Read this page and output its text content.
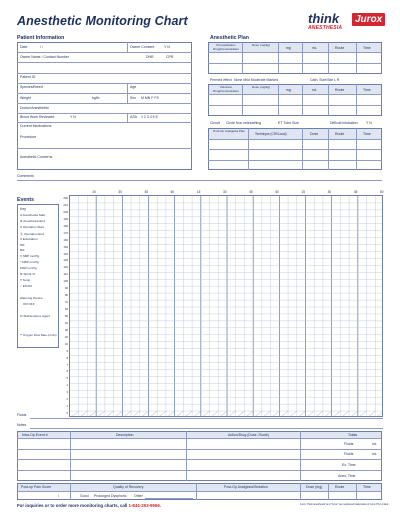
Anesthetic Monitoring Chart	think
ANESTHESIA
Jurox
Patient Information
Date	/ /	Owner Consent	Y N
Owner Name / Contact Number	DNR	CPR
Patient ID
Species/Breed	Age
Weight	kg/lb	Sex M MN F FS
Doctor/Anesthetist
Blood Work Reviewed	Y N	ASA 1 2 3 4 5 E
Current Medications
Procedure
Anesthetic Concerns
Anesthetic Plan
Premedication Drug/Concentration
Dose (mg/kg)
mg	mL	Route	Time
Premed effect None Mild Moderate Marked	Cath. Size/Site L R
Induction Drug/Concentration
Dose (mg/kg)
mg	mL	Route	Time
Circuit Circle Non-rebreathing	ET Tube Size	Difficult intubation Y N
Post-Op Analgesia Plan
Technique (CRI/Local)	Dose	Route	Time
Comments
Events
Key
A Anesthesia Start
⊗ Anesthesia End
S Operation Start
Ⓢ Operation End
X Extubation
HR
RR
V SBP mmHg
^ DBP mmHg
MAP mmHg
⊗ SpO2 %
T Temp
○ EtCO2
Warming Device
ON OFF
% Maintenance Agent
** Oxygen Flow Rate (L/min)
15	30	45	60	15	30	45	60	15	30	45	60
220
210
200
190
180
170
160
150
140
130
120
110
100
90
80
70
60
50
40
30
20
10
9
8
7
6
5
4
3
2
1
0
Fluids
Notes
Intra-Op Event #	Description	Action/Drug (Dose, Route)	Totals
Fluids	mL
Fluids	mL
Ex. Time
Anes. Time
Post-op Pain Score	Quality of Recovery	Post-Op Analgesia/Sedation	Dose (mg)	Route	Time
/	Good Prolonged Dysphoric Other
For inquiries or to order more monitoring charts, call 1-844-253-9966.	Jurox "think Anesthesia" and "Jurox" are registered trademarks of Jurox Pty Limited.
